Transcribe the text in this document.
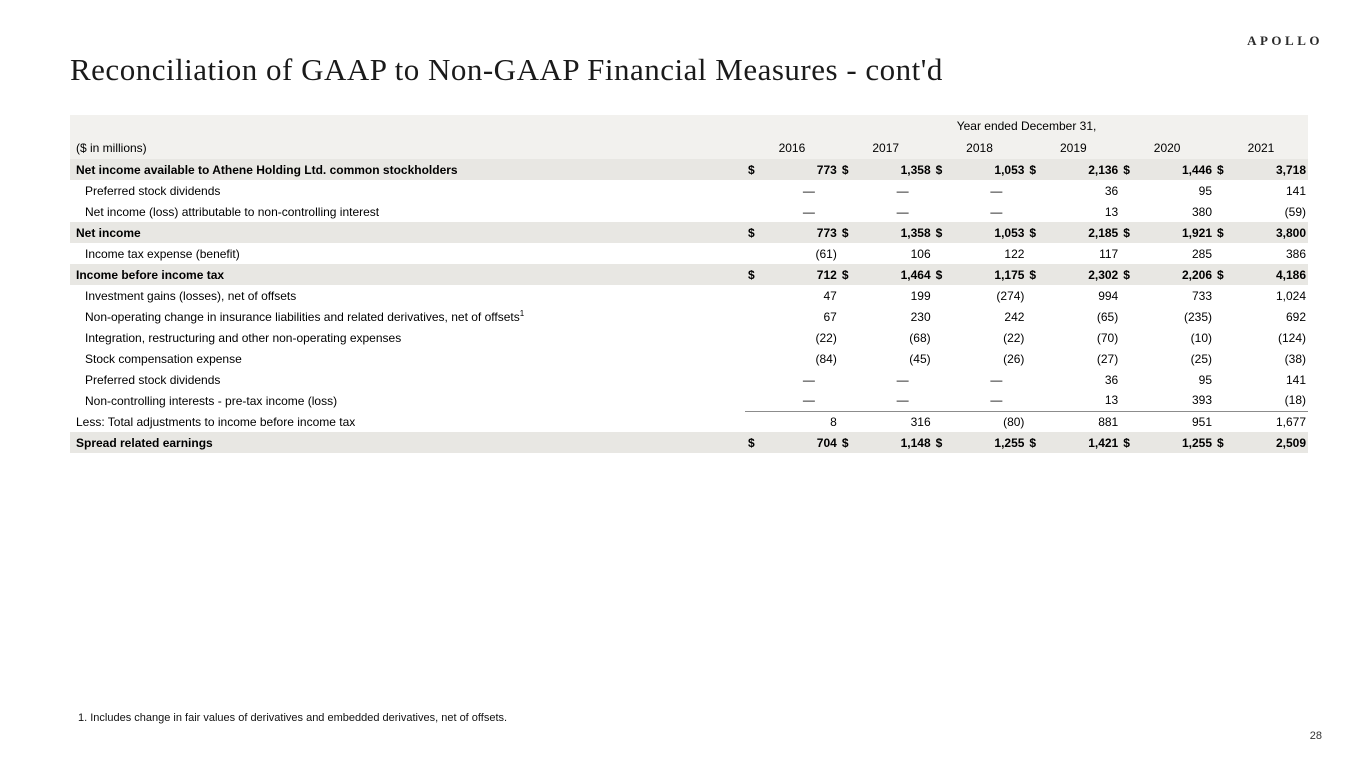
APOLLO
Reconciliation of GAAP to Non-GAAP Financial Measures - cont'd
	Year ended December 31,											
($ in millions)	2016		2017		2018		2019		2020		2021	
Net income available to Athene Holding Ltd. common stockholders	$	773	$	1,358	$	1,053	$	2,136	$	1,446	$	3,718
Preferred stock dividends		—		—		—		36		95		141
Net income (loss) attributable to non-controlling interest		—		—		—		13		380		(59)
Net income	$	773	$	1,358	$	1,053	$	2,185	$	1,921	$	3,800
Income tax expense (benefit)		(61)		106		122		117		285		386
Income before income tax	$	712	$	1,464	$	1,175	$	2,302	$	2,206	$	4,186
Investment gains (losses), net of offsets		47		199		(274)		994		733		1,024
Non-operating change in insurance liabilities and related derivatives, net of offsets$^1$		67		230		242		(65)		(235)		692
Integration, restructuring and other non-operating expenses		(22)		(68)		(22)		(70)		(10)		(124)
Stock compensation expense		(84)		(45)		(26)		(27)		(25)		(38)
Preferred stock dividends		—		—		—		36		95		141
Non-controlling interests - pre-tax income (loss)		—		—		—		13		393		(18)
Less: Total adjustments to income before income tax		8		316		(80)		881		951		1,677
Spread related earnings	$	704	$	1,148	$	1,255	$	1,421	$	1,255	$	2,509
1. Includes change in fair values of derivatives and embedded derivatives, net of offsets.
28
